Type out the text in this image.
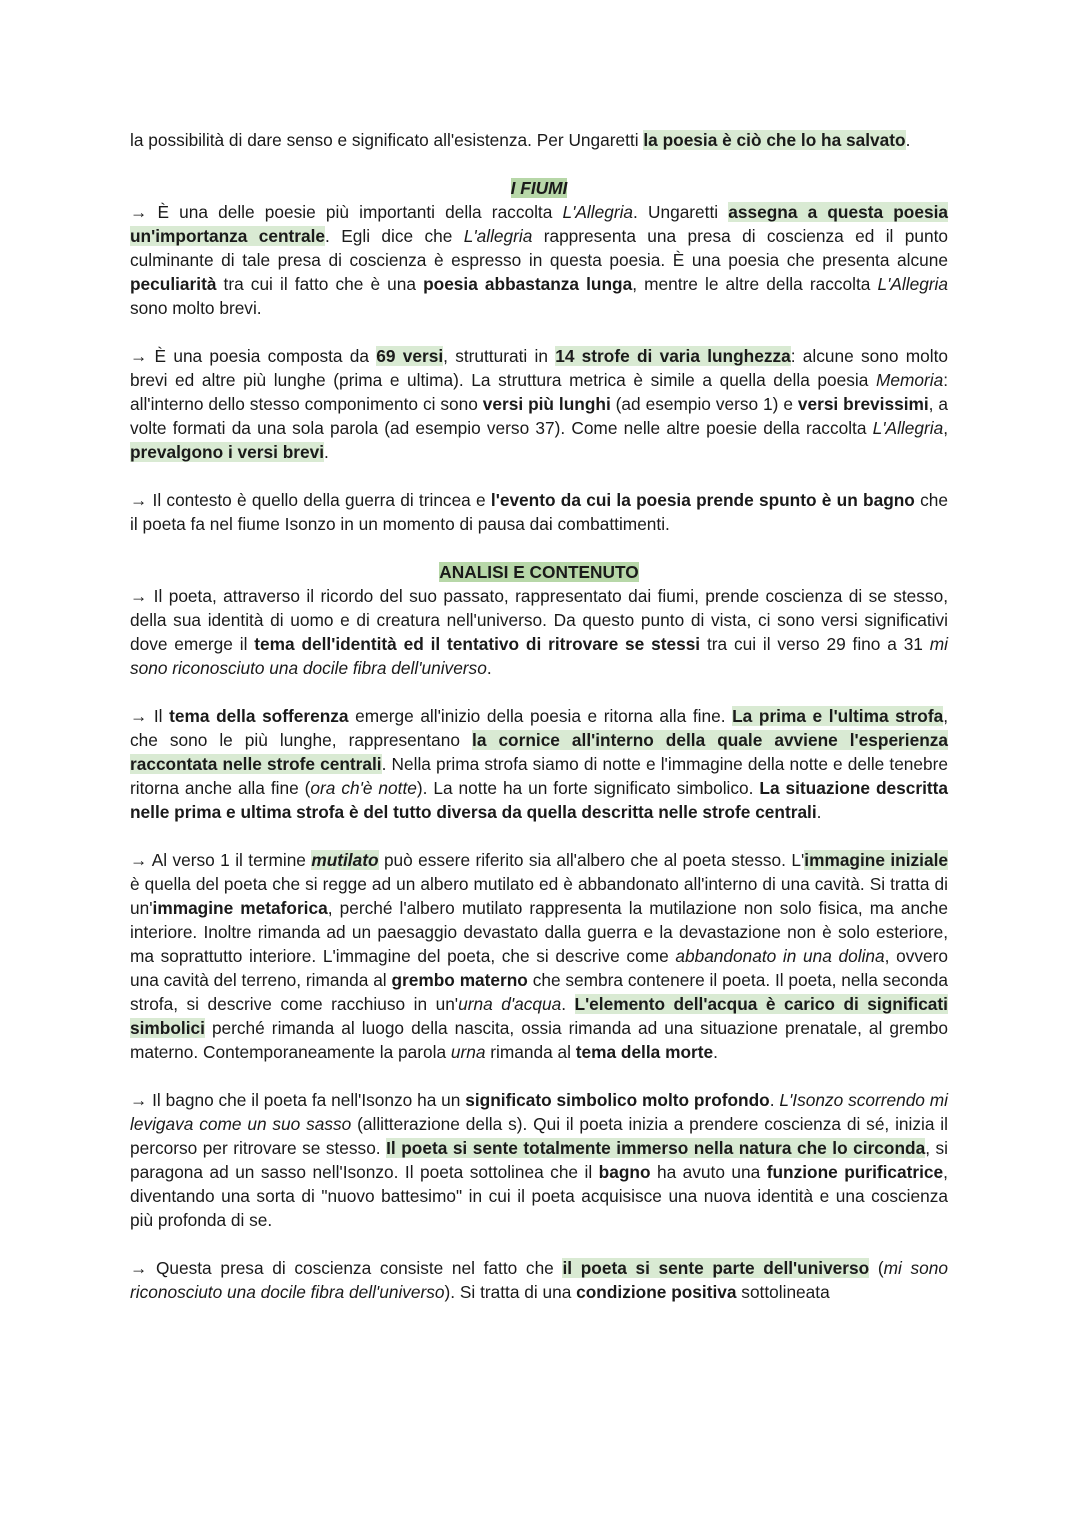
la possibilità di dare senso e significato all'esistenza. Per Ungaretti la poesia è ciò che lo ha salvato.

I FIUMI

→ È una delle poesie più importanti della raccolta L'Allegria. Ungaretti assegna a questa poesia un'importanza centrale. Egli dice che L'allegria rappresenta una presa di coscienza ed il punto culminante di tale presa di coscienza è espresso in questa poesia. È una poesia che presenta alcune peculiarità tra cui il fatto che è una poesia abbastanza lunga, mentre le altre della raccolta L'Allegria sono molto brevi.

→ È una poesia composta da 69 versi, strutturati in 14 strofe di varia lunghezza: alcune sono molto brevi ed altre più lunghe (prima e ultima). La struttura metrica è simile a quella della poesia Memoria: all'interno dello stesso componimento ci sono versi più lunghi (ad esempio verso 1) e versi brevissimi, a volte formati da una sola parola (ad esempio verso 37). Come nelle altre poesie della raccolta L'Allegria, prevalgono i versi brevi.

→ Il contesto è quello della guerra di trincea e l'evento da cui la poesia prende spunto è un bagno che il poeta fa nel fiume Isonzo in un momento di pausa dai combattimenti.

ANALISI E CONTENUTO

→ Il poeta, attraverso il ricordo del suo passato, rappresentato dai fiumi, prende coscienza di se stesso, della sua identità di uomo e di creatura nell'universo. Da questo punto di vista, ci sono versi significativi dove emerge il tema dell'identità ed il tentativo di ritrovare se stessi tra cui il verso 29 fino a 31 mi sono riconosciuto una docile fibra dell'universo.

→ Il tema della sofferenza emerge all'inizio della poesia e ritorna alla fine. La prima e l'ultima strofa, che sono le più lunghe, rappresentano la cornice all'interno della quale avviene l'esperienza raccontata nelle strofe centrali. Nella prima strofa siamo di notte e l'immagine della notte e delle tenebre ritorna anche alla fine (ora ch'è notte). La notte ha un forte significato simbolico. La situazione descritta nelle prima e ultima strofa è del tutto diversa da quella descritta nelle strofe centrali.

→ Al verso 1 il termine mutilato può essere riferito sia all'albero che al poeta stesso. L'immagine iniziale è quella del poeta che si regge ad un albero mutilato ed è abbandonato all'interno di una cavità. Si tratta di un'immagine metaforica, perché l'albero mutilato rappresenta la mutilazione non solo fisica, ma anche interiore. Inoltre rimanda ad un paesaggio devastato dalla guerra e la devastazione non è solo esteriore, ma soprattutto interiore. L'immagine del poeta, che si descrive come abbandonato in una dolina, ovvero una cavità del terreno, rimanda al grembo materno che sembra contenere il poeta. Il poeta, nella seconda strofa, si descrive come racchiuso in un'urna d'acqua. L'elemento dell'acqua è carico di significati simbolici perché rimanda al luogo della nascita, ossia rimanda ad una situazione prenatale, al grembo materno. Contemporaneamente la parola urna rimanda al tema della morte.

→ Il bagno che il poeta fa nell'Isonzo ha un significato simbolico molto profondo. L'Isonzo scorrendo mi levigava come un suo sasso (allitterazione della s). Qui il poeta inizia a prendere coscienza di sé, inizia il percorso per ritrovare se stesso. Il poeta si sente totalmente immerso nella natura che lo circonda, si paragona ad un sasso nell'Isonzo. Il poeta sottolinea che il bagno ha avuto una funzione purificatrice, diventando una sorta di "nuovo battesimo" in cui il poeta acquisisce una nuova identità e una coscienza più profonda di se.

→ Questa presa di coscienza consiste nel fatto che il poeta si sente parte dell'universo (mi sono riconosciuto una docile fibra dell'universo). Si tratta di una condizione positiva sottolineata
